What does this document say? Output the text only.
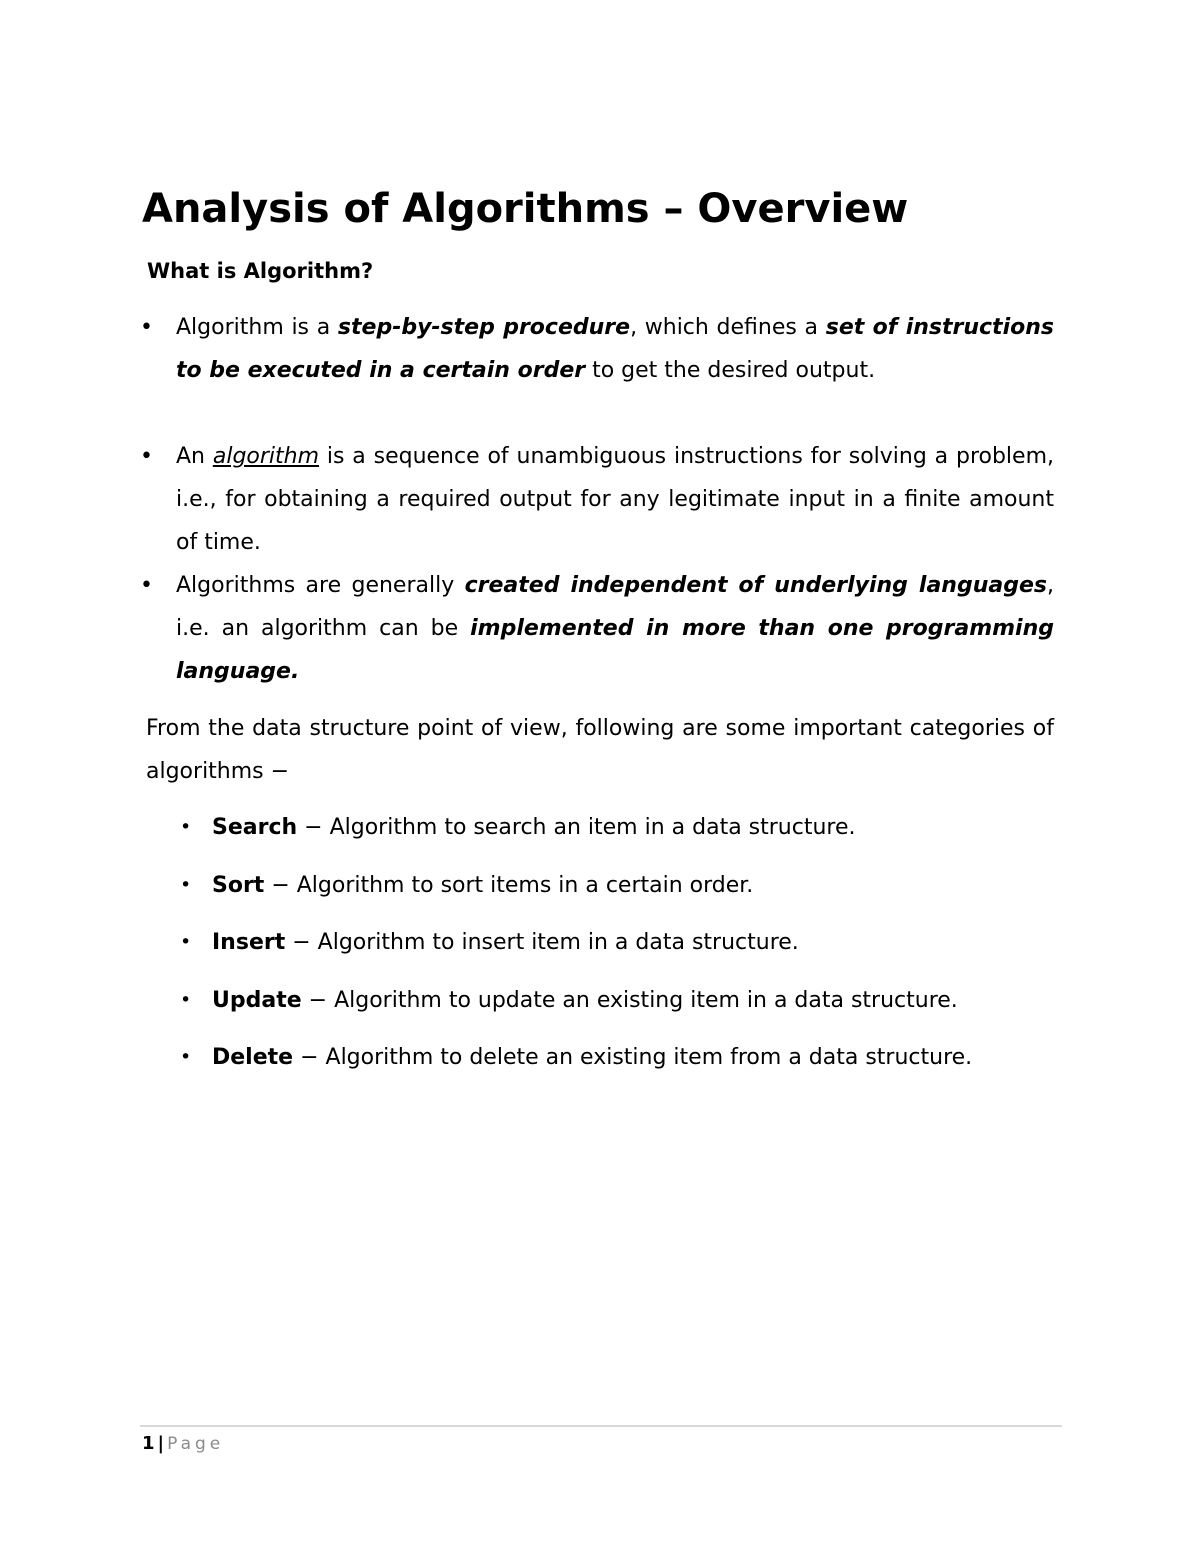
Analysis of Algorithms – Overview
What is Algorithm?
• Algorithm is a step-by-step procedure, which defines a set of instructions to be executed in a certain order to get the desired output.
• An algorithm is a sequence of unambiguous instructions for solving a problem, i.e., for obtaining a required output for any legitimate input in a finite amount of time.
• Algorithms are generally created independent of underlying languages, i.e. an algorithm can be implemented in more than one programming language.

From the data structure point of view, following are some important categories of algorithms −

• Search − Algorithm to search an item in a data structure.
• Sort − Algorithm to sort items in a certain order.
• Insert − Algorithm to insert item in a data structure.
• Update − Algorithm to update an existing item in a data structure.
• Delete − Algorithm to delete an existing item from a data structure.
1 | Page
